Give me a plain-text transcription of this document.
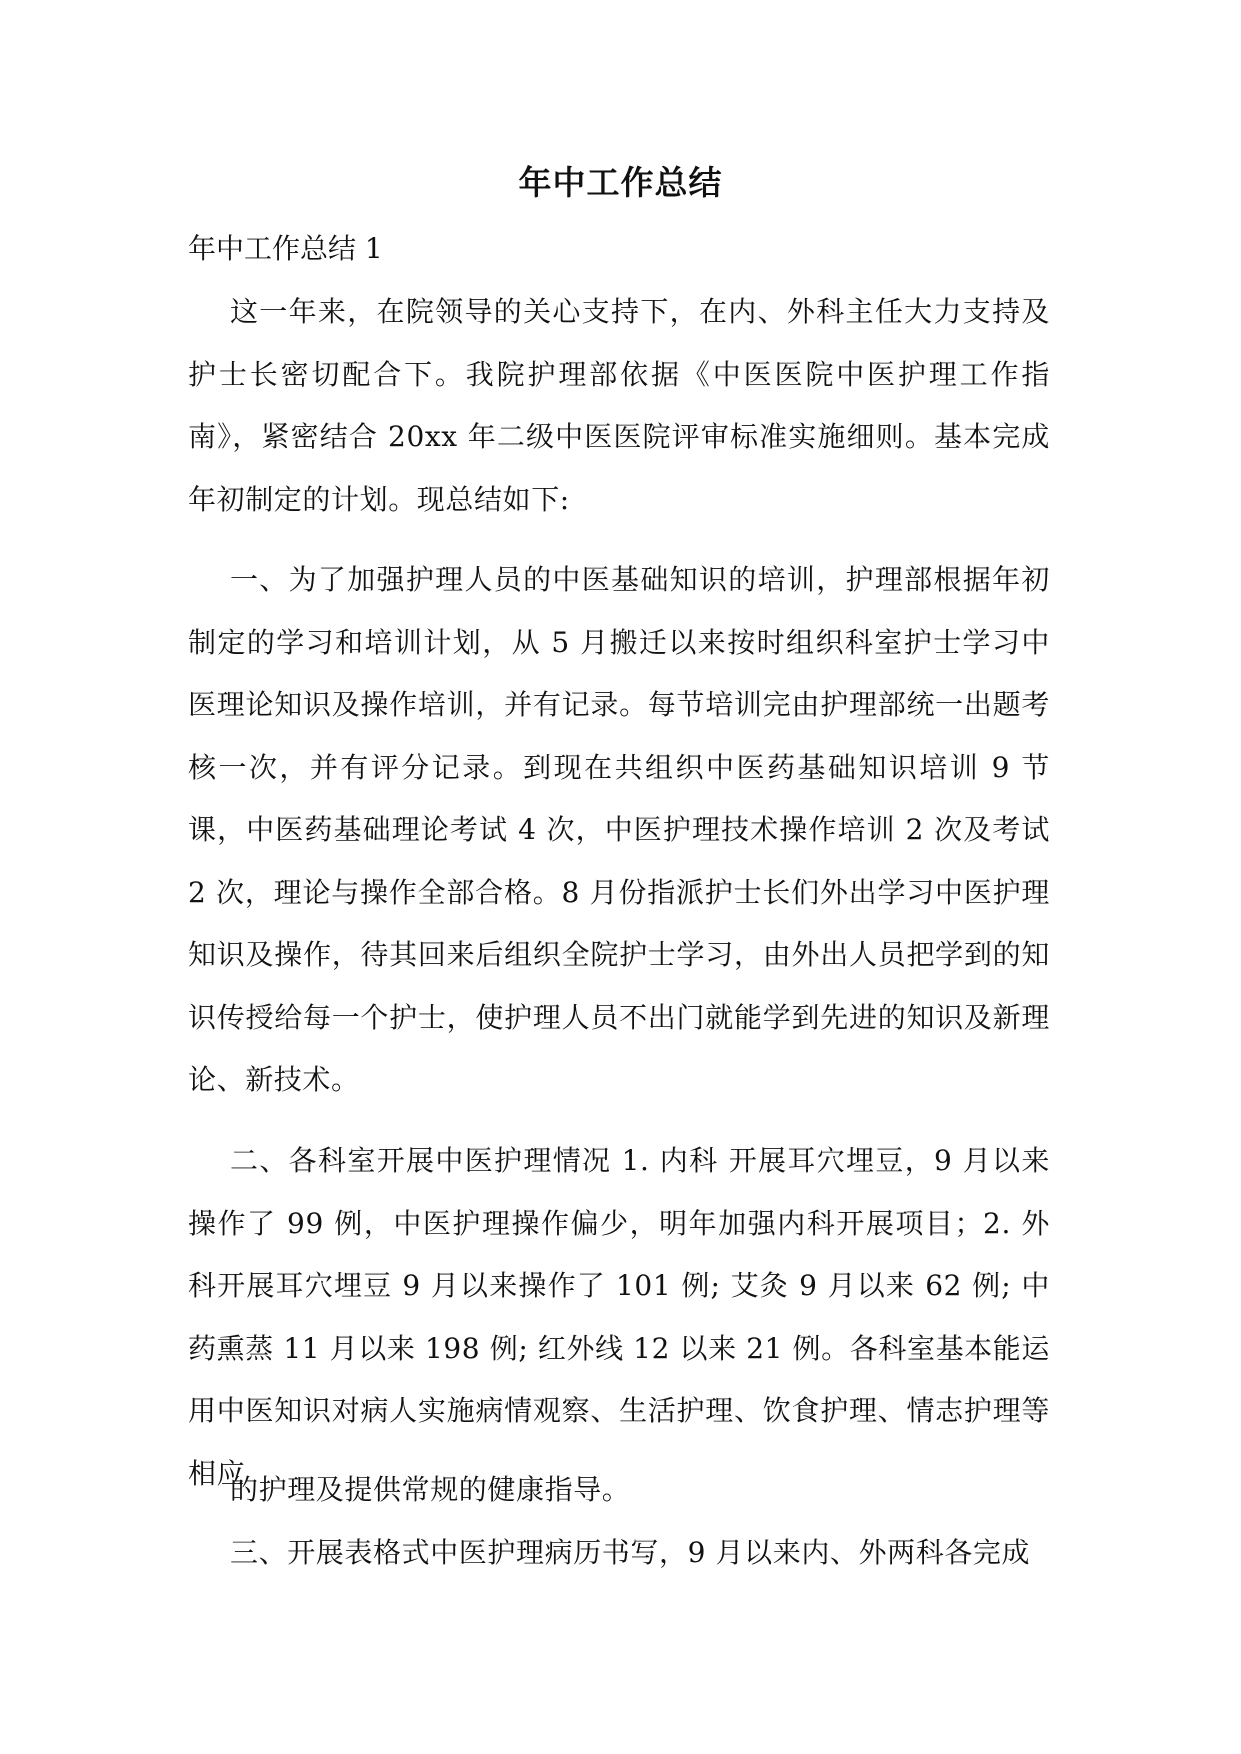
年中工作总结
年中工作总结 1

这一年来，在院领导的关心支持下，在内、外科主任大力支持及护士长密切配合下。我院护理部依据《中医医院中医护理工作指南》，紧密结合 20xx 年二级中医医院评审标准实施细则。基本完成年初制定的计划。现总结如下:

一、为了加强护理人员的中医基础知识的培训，护理部根据年初制定的学习和培训计划，从 5 月搬迁以来按时组织科室护士学习中医理论知识及操作培训，并有记录。每节培训完由护理部统一出题考核一次，并有评分记录。到现在共组织中医药基础知识培训 9 节课，中医药基础理论考试 4 次，中医护理技术操作培训 2 次及考试 2 次，理论与操作全部合格。8 月份指派护士长们外出学习中医护理知识及操作，待其回来后组织全院护士学习，由外出人员把学到的知识传授给每一个护士，使护理人员不出门就能学到先进的知识及新理论、新技术。

二、各科室开展中医护理情况 1. 内科 开展耳穴埋豆，9 月以来操作了 99 例，中医护理操作偏少，明年加强内科开展项目；2. 外科开展耳穴埋豆 9 月以来操作了 101 例; 艾灸 9 月以来 62 例; 中药熏蒸 11 月以来 198 例; 红外线 12 以来 21 例。各科室基本能运用中医知识对病人实施病情观察、生活护理、饮食护理、情志护理等相应

的护理及提供常规的健康指导。

三、开展表格式中医护理病历书写，9 月以来内、外两科各完成
